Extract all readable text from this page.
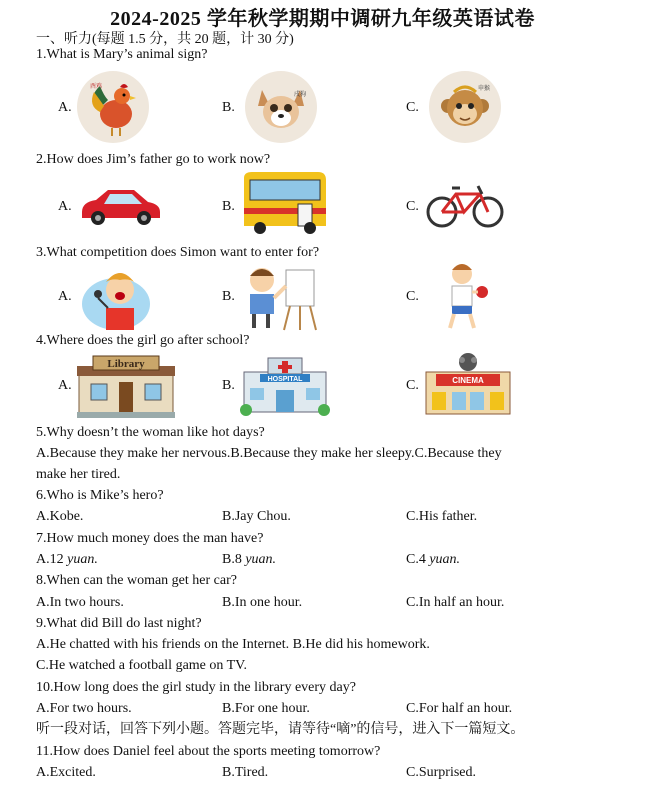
2024-2025 学年秋学期期中调研九年级英语试卷
一、听力(每题 1.5 分，共 20 题，计 30 分)
1.What is Mary’s animal sign?
A.	B.	C.
酉鸡
戌狗
申猴
2.How does Jim’s father go to work now?
A.	B.	C.
3.What competition does Simon want to enter for?
A.	B.	C.
4.Where does the girl go after school?
A.	B.	C.
Library
HOSPITAL	CINEMA
5.Why doesn’t the woman like hot days?
A.Because they make her nervous.B.Because they make her sleepy.C.Because they
make her tired.
6.Who is Mike’s hero?
A.Kobe.	B.Jay Chou.	C.His father.
7.How much money does the man have?
A.12 yuan.	B.8 yuan.	C.4 yuan.
8.When can the woman get her car?
A.In two hours.	B.In one hour.	C.In half an hour.
9.What did Bill do last night?
A.He chatted with his friends on the Internet. B.He did his homework.
C.He watched a football game on TV.
10.How long does the girl study in the library every day?
A.For two hours.	B.For one hour.	C.For half an hour.
听一段对话，回答下列小题。答题完毕，请等待“嘀”的信号，进入下一篇短文。
11.How does Daniel feel about the sports meeting tomorrow?
A.Excited.	B.Tired.	C.Surprised.
